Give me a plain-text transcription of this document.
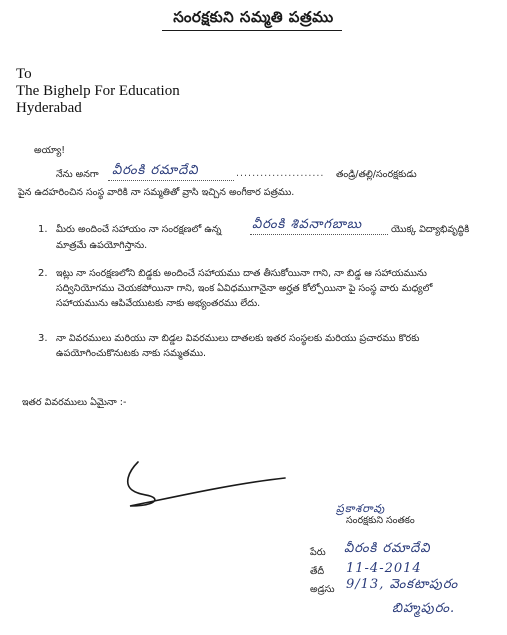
సంరక్షకుని సమ్మతి పత్రము
To
The Bighelp For Education
Hyderabad
అయ్యా!
నేను అనగా వీరంకి రమాదేవి	...................... తండ్రి/తల్లి/సంరక్షకుడు
పైన ఉదహరించిన సంస్థ వారికి నా సమ్మతితో వ్రాసి ఇచ్చిన అంగీకార పత్రము.
1. మీరు అందించే సహాయం నా సంరక్షణలో ఉన్న వీరంకి శివనాగబాబు	యొక్క విద్యాభివృద్ధికి
మాత్రమే ఉపయోగిస్తాను.
2. ఇట్లు నా సంరక్షణలోని బిడ్డకు అందించే సహాయము దాత తీసుకోయినా గాని, నా బిడ్డ ఆ సహాయమును
సద్వినియోగము చెయకపోయినా గాని, ఇంక ఏవిధముగానైనా అర్హత కోల్పోయినా పై సంస్థ వారు మధ్యలో
సహాయమును ఆపివేయుటకు నాకు అభ్యంతరము లేదు.
3. నా వివరములు మరియు నా బిడ్డల వివరములు దాతలకు ఇతర సంస్థలకు మరియు ప్రచారము కొరకు
ఉపయోగించుకొనుటకు నాకు సమ్మతము.
ఇతర వివరములు ఏమైనా :-
ప్రకాశరావు
సంరక్షకుని సంతకం
పేరు వీరంకి రమాదేవి
తేదీ 11-4-2014
అడ్రసు 9/13, వెంకటాపురం
బిహ్మపురం.
